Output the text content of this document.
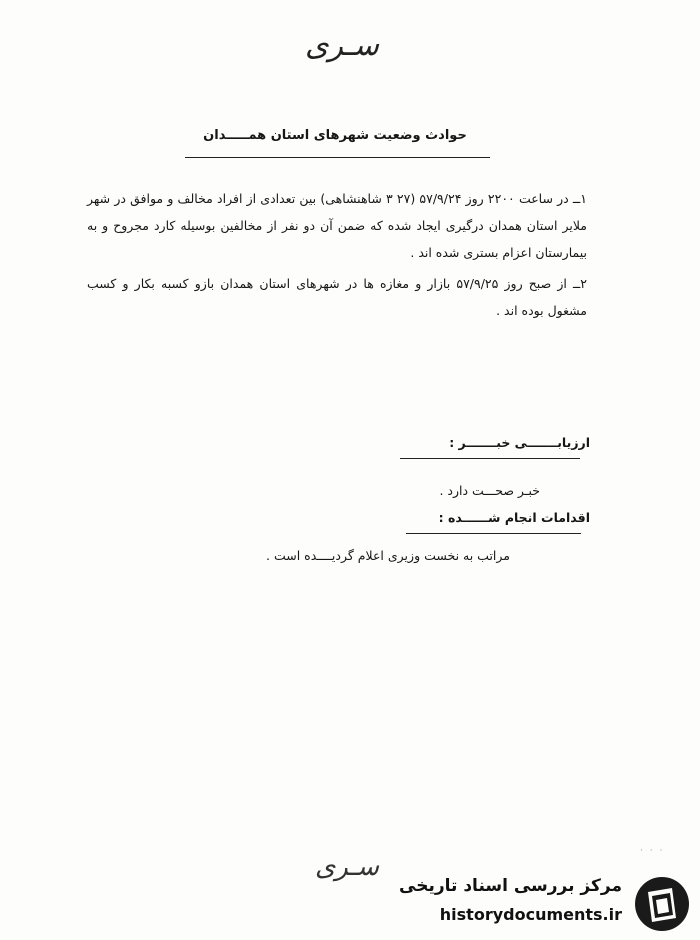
سـری
حوادث وضعیت شهرهای استان همـــــدان
۱ــ در ساعت ۲۲۰۰ روز ۵۷/۹/۲۴ (۲۷ ۳ شاهنشاهی) بین تعدادی از افراد مخالف و موافق در شهر ملایر استان همدان درگیری ایجاد شده که ضمن آن دو نفر از مخالفین بوسیله کارد مجروح و به بیمارستان اعزام بستری شده اند .
۲ــ از صبح روز ۵۷/۹/۲۵ بازار و مغازه ها در شهرهای استان همدان بازو کسبه بکار و کسب مشغول بوده اند .
ارزیابـــــــی خبـــــــر :
خبـر صحـــت دارد .
اقدامات انجام شــــــده :
مراتب به نخست وزیری اعلام گردیــــده است .
سـری
· · ·
مرکز بررسی اسناد تاریخی
historydocuments.ir
